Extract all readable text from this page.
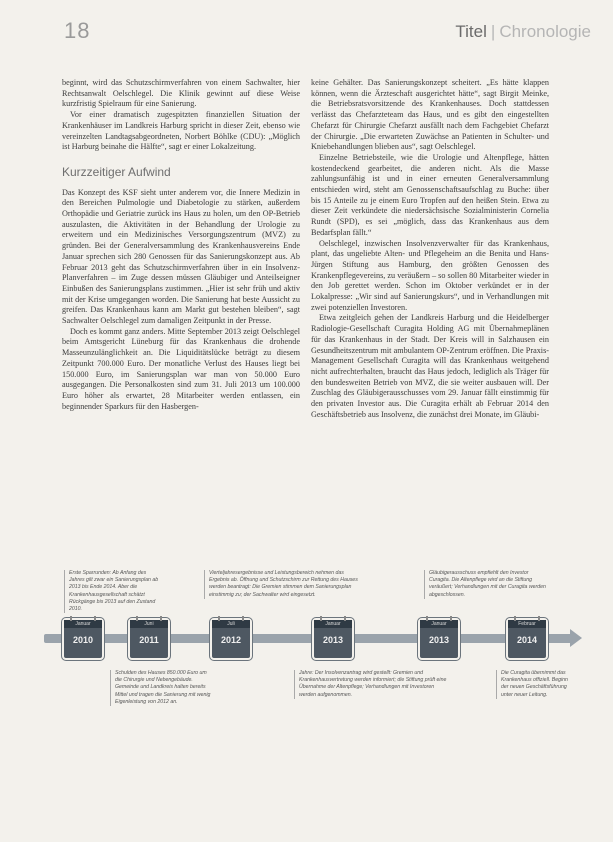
18	Titel | Chronologie

beginnt, wird das Schutzschirmverfahren von einem Sachwalter, hier Rechtsanwalt Oelschlegel. Die Klinik gewinnt auf diese Weise kurzfristig Spielraum für eine Sanierung.

Vor einer dramatisch zugespitzten finanziellen Situation der Krankenhäuser im Landkreis Harburg spricht in dieser Zeit, ebenso wie vereinzelten Landtagsabgeordneten, Norbert Böhlke (CDU): „Möglich ist Harburg beinahe die Hälfte“, sagt er einer Lokalzeitung.

Kurzzeitiger Aufwind

Das Konzept des KSF sieht unter anderem vor, die Innere Medizin in den Bereichen Pulmologie und Diabetologie zu stärken, außerdem Orthopädie und Geriatrie zurück ins Haus zu holen, um den OP-Betrieb auszulasten, die Aktivitäten in der Behandlung der Urologie zu erweitern und ein Medizinisches Versorgungszentrum (MVZ) zu gründen. Bei der Generalversammlung des Krankenhausvereins Ende Januar sprechen sich 280 Genossen für das Sanierungskonzept aus. Ab Februar 2013 geht das Schutzschirmverfahren über in ein Insolvenz-Planverfahren – im Zuge dessen müssen Gläubiger und Anteilseigner Einbußen des Sanierungsplans zustimmen. „Hier ist sehr früh und aktiv mit der Krise umgegangen worden. Die Sanierung hat beste Aussicht zu greifen. Das Krankenhaus kann am Markt gut bestehen bleiben“, sagt Sachwalter Oelschlegel zum damaligen Zeitpunkt in der Presse.

Doch es kommt ganz anders. Mitte September 2013 zeigt Oelschlegel beim Amtsgericht Lüneburg für das Krankenhaus die drohende Masseunzulänglichkeit an. Die Liquiditätslücke beträgt zu diesem Zeitpunkt 700.000 Euro. Der monatliche Verlust des Hauses liegt bei 150.000 Euro, im Sanierungsplan war man von 50.000 Euro ausgegangen. Die Personalkosten sind zum 31. Juli 2013 um 100.000 Euro höher als erwartet, 28 Mitarbeiter werden entlassen, ein beginnender Sparkurs für den Hasbergen-

keine Gehälter. Das Sanierungskonzept scheitert. „Es hätte klappen können, wenn die Ärzteschaft ausgerichtet hätte“, sagt Birgit Meinke, die Betriebsratsvorsitzende des Krankenhauses. Doch stattdessen verlässt das Chefarzteteam das Haus, und es gibt den eingestellten Chefarzt für Chirurgie Chefarzt ausfällt nach dem Fachgebiet Chefarzt der Chirurgie. „Die erwarteten Zuwächse an Patienten in Schulter- und Kniebehandlungen blieben aus“, sagt Oelschlegel.

Einzelne Betriebsteile, wie die Urologie und Altenpflege, hätten kostendeckend gearbeitet, die anderen nicht. Als die Masse zahlungsunfähig ist und in einer erneuten Generalversammlung entschieden wird, steht am Genossenschaftsaufschlag zu Buche: über bis 15 Anteile zu je einem Euro Tropfen auf den heißen Stein. Etwa zu dieser Zeit verkündete die niedersächsische Sozialministerin Cornelia Rundt (SPD), es sei „möglich, dass das Krankenhaus aus dem Bedarfsplan fällt.“

Oelschlegel, inzwischen Insolvenzverwalter für das Krankenhaus, plant, das ungeliebte Alten- und Pflegeheim an die Benita und Hans-Jürgen Stiftung aus Hamburg, den größten Genossen des Krankenpflegevereins, zu veräußern – so sollen 80 Mitarbeiter wieder in den Job gerettet werden. Schon im Oktober verkündet er in der Lokalpresse: „Wir sind auf Sanierungskurs“, und in Verhandlungen mit zwei potenziellen Investoren.

Etwa zeitgleich gehen der Landkreis Harburg und die Heidelberger Radiologie-Gesellschaft Curagita Holding AG mit Übernahmeplänen für das Krankenhaus in der Stadt. Der Kreis will in Salzhausen ein Gesundheitszentrum mit ambulantem OP-Zentrum eröffnen. Die Praxis-Management Gesellschaft Curagita will das Krankenhaus weitgehend nicht aufrechterhalten, braucht das Haus jedoch, lediglich als Träger für den bundesweiten Betrieb von MVZ, die sie weiter ausbauen will. Der Zuschlag des Gläubigerausschusses vom 29. Januar fällt einstimmig für den privaten Investor aus. Die Curagita erhält ab Februar 2014 den Geschäftsbetrieb aus Insolvenz, die zunächst drei Monate, im Gläubi-

Erste Sparrunden: Ab Anfang des Jahres gilt zwar ein Sanierungsplan ab 2013 bis Ende 2014. Aber die Krankenhausgesellschaft schätzt Rückgänge bis 2013 auf den Zustand 2010.
Schulden des Hauses 850.000 Euro um die Chirurgie und Nebengebäude. Gemeinde und Landkreis halten bereits Mittel und tragen die Sanierung mit wenig Eigenleistung von 2012 an.
Vierteljahresergebnisse und Leistungsbereich nehmen das Ergebnis ab. Öffnung und Schutzschirm zur Rettung des Hauses werden beantragt: Die Gremien stimmen dem Sanierungsplan einstimmig zu; der Sachwalter wird eingesetzt.
Jahre: Der Insolvenzantrag wird gestellt: Gremien und Krankenhausvertretung werden informiert; die Stiftung prüft eine Übernahme der Altenpflege; Verhandlungen mit Investoren werden aufgenommen.
Gläubigerausschuss empfiehlt den Investor Curagita. Die Altenpflege wird an die Stiftung veräußert; Verhandlungen mit der Curagita werden abgeschlossen.
Die Curagita übernimmt das Krankenhaus offiziell. Beginn der neuen Geschäftsführung unter neuer Leitung.
Januar
2010
Juni
2011
Juli
2012
Januar
2013
Januar
2013
Februar
2014
